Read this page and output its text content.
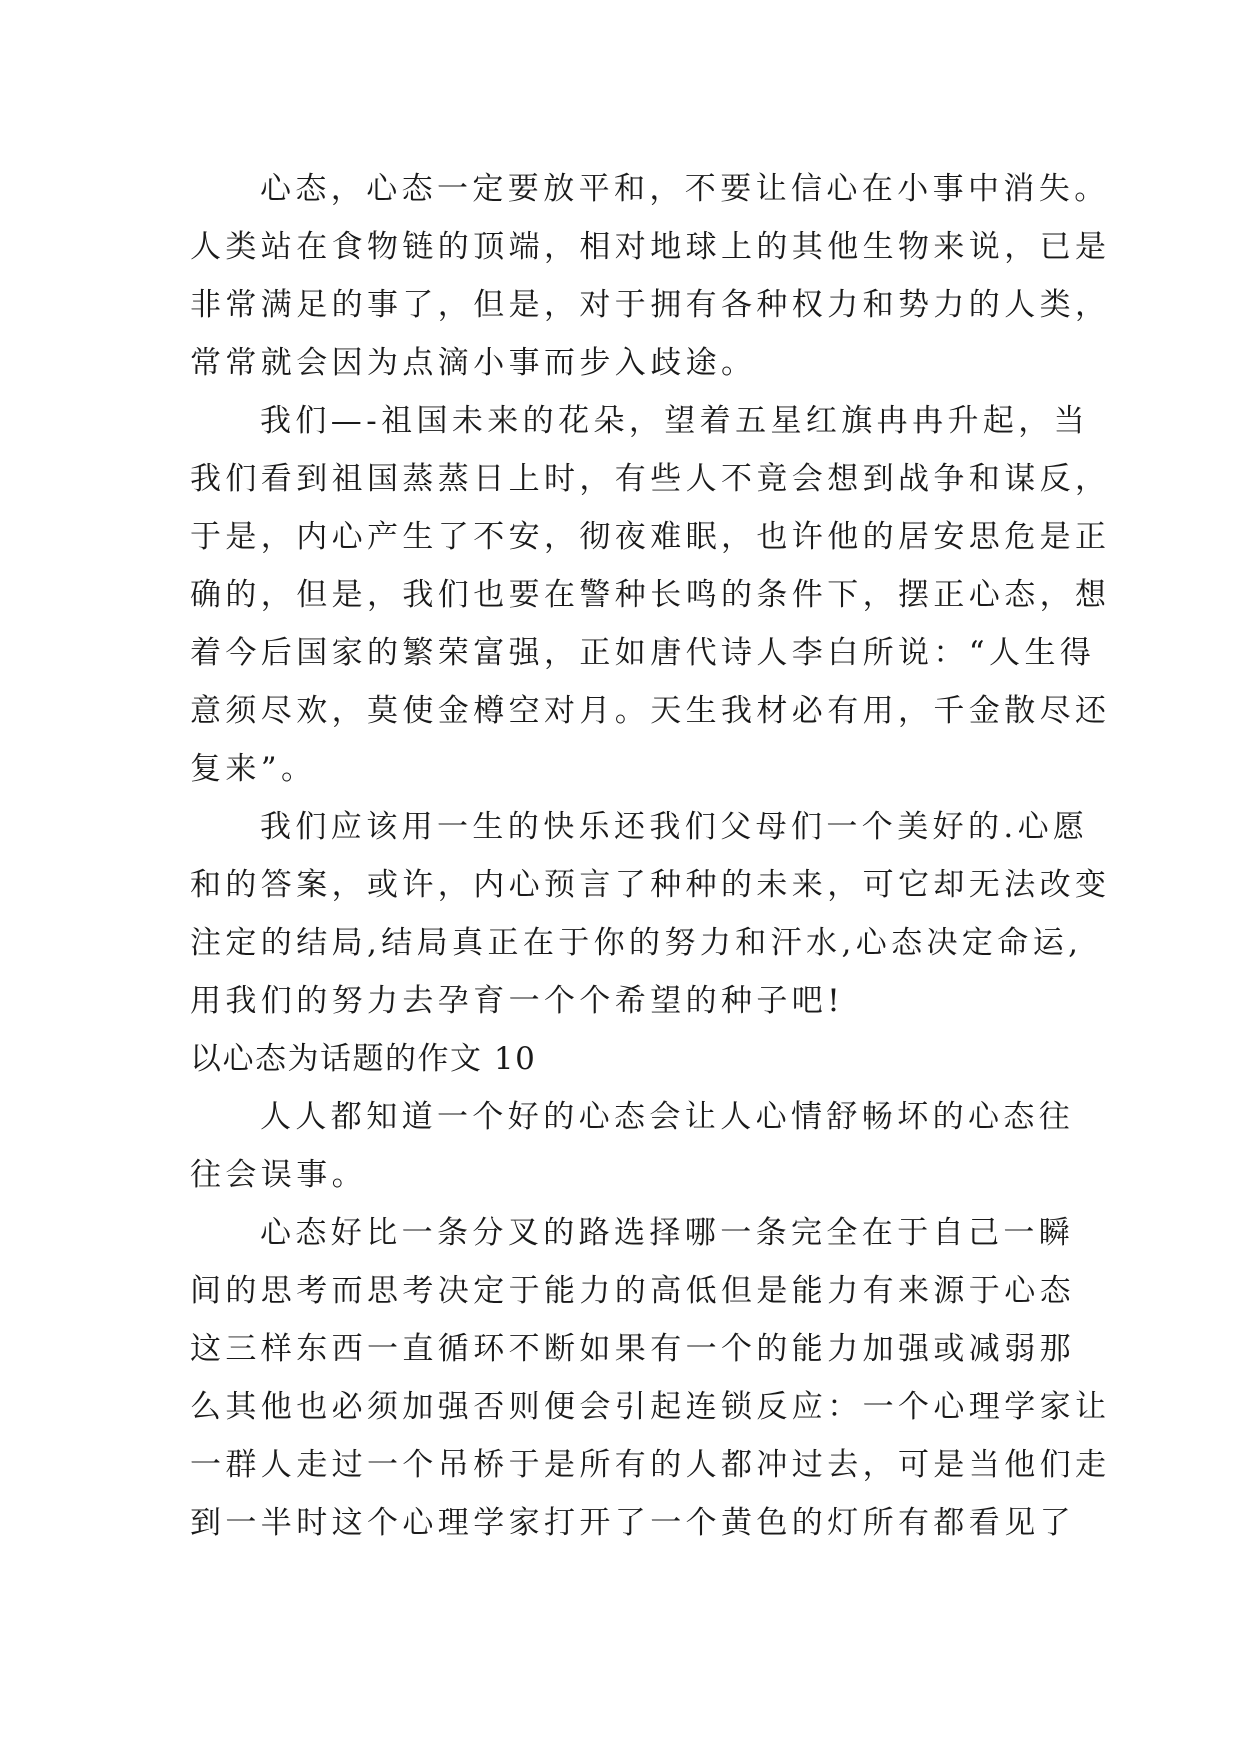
心态，心态一定要放平和，不要让信心在小事中消失。
人类站在食物链的顶端，相对地球上的其他生物来说，已是
非常满足的事了，但是，对于拥有各种权力和势力的人类，
常常就会因为点滴小事而步入歧途。
我们—-祖国未来的花朵，望着五星红旗冉冉升起，当
我们看到祖国蒸蒸日上时，有些人不竟会想到战争和谋反，
于是，内心产生了不安，彻夜难眠，也许他的居安思危是正
确的，但是，我们也要在警种长鸣的条件下，摆正心态，想
着今后国家的繁荣富强，正如唐代诗人李白所说：“人生得
意须尽欢，莫使金樽空对月。天生我材必有用，千金散尽还
复来”。
我们应该用一生的快乐还我们父母们一个美好的.心愿
和的答案，或许，内心预言了种种的未来，可它却无法改变
注定的结局,结局真正在于你的努力和汗水,心态决定命运,
用我们的努力去孕育一个个希望的种子吧!
以心态为话题的作文 10
人人都知道一个好的心态会让人心情舒畅坏的心态往
往会误事。
心态好比一条分叉的路选择哪一条完全在于自己一瞬
间的思考而思考决定于能力的高低但是能力有来源于心态
这三样东西一直循环不断如果有一个的能力加强或减弱那
么其他也必须加强否则便会引起连锁反应：一个心理学家让
一群人走过一个吊桥于是所有的人都冲过去，可是当他们走
到一半时这个心理学家打开了一个黄色的灯所有都看见了
